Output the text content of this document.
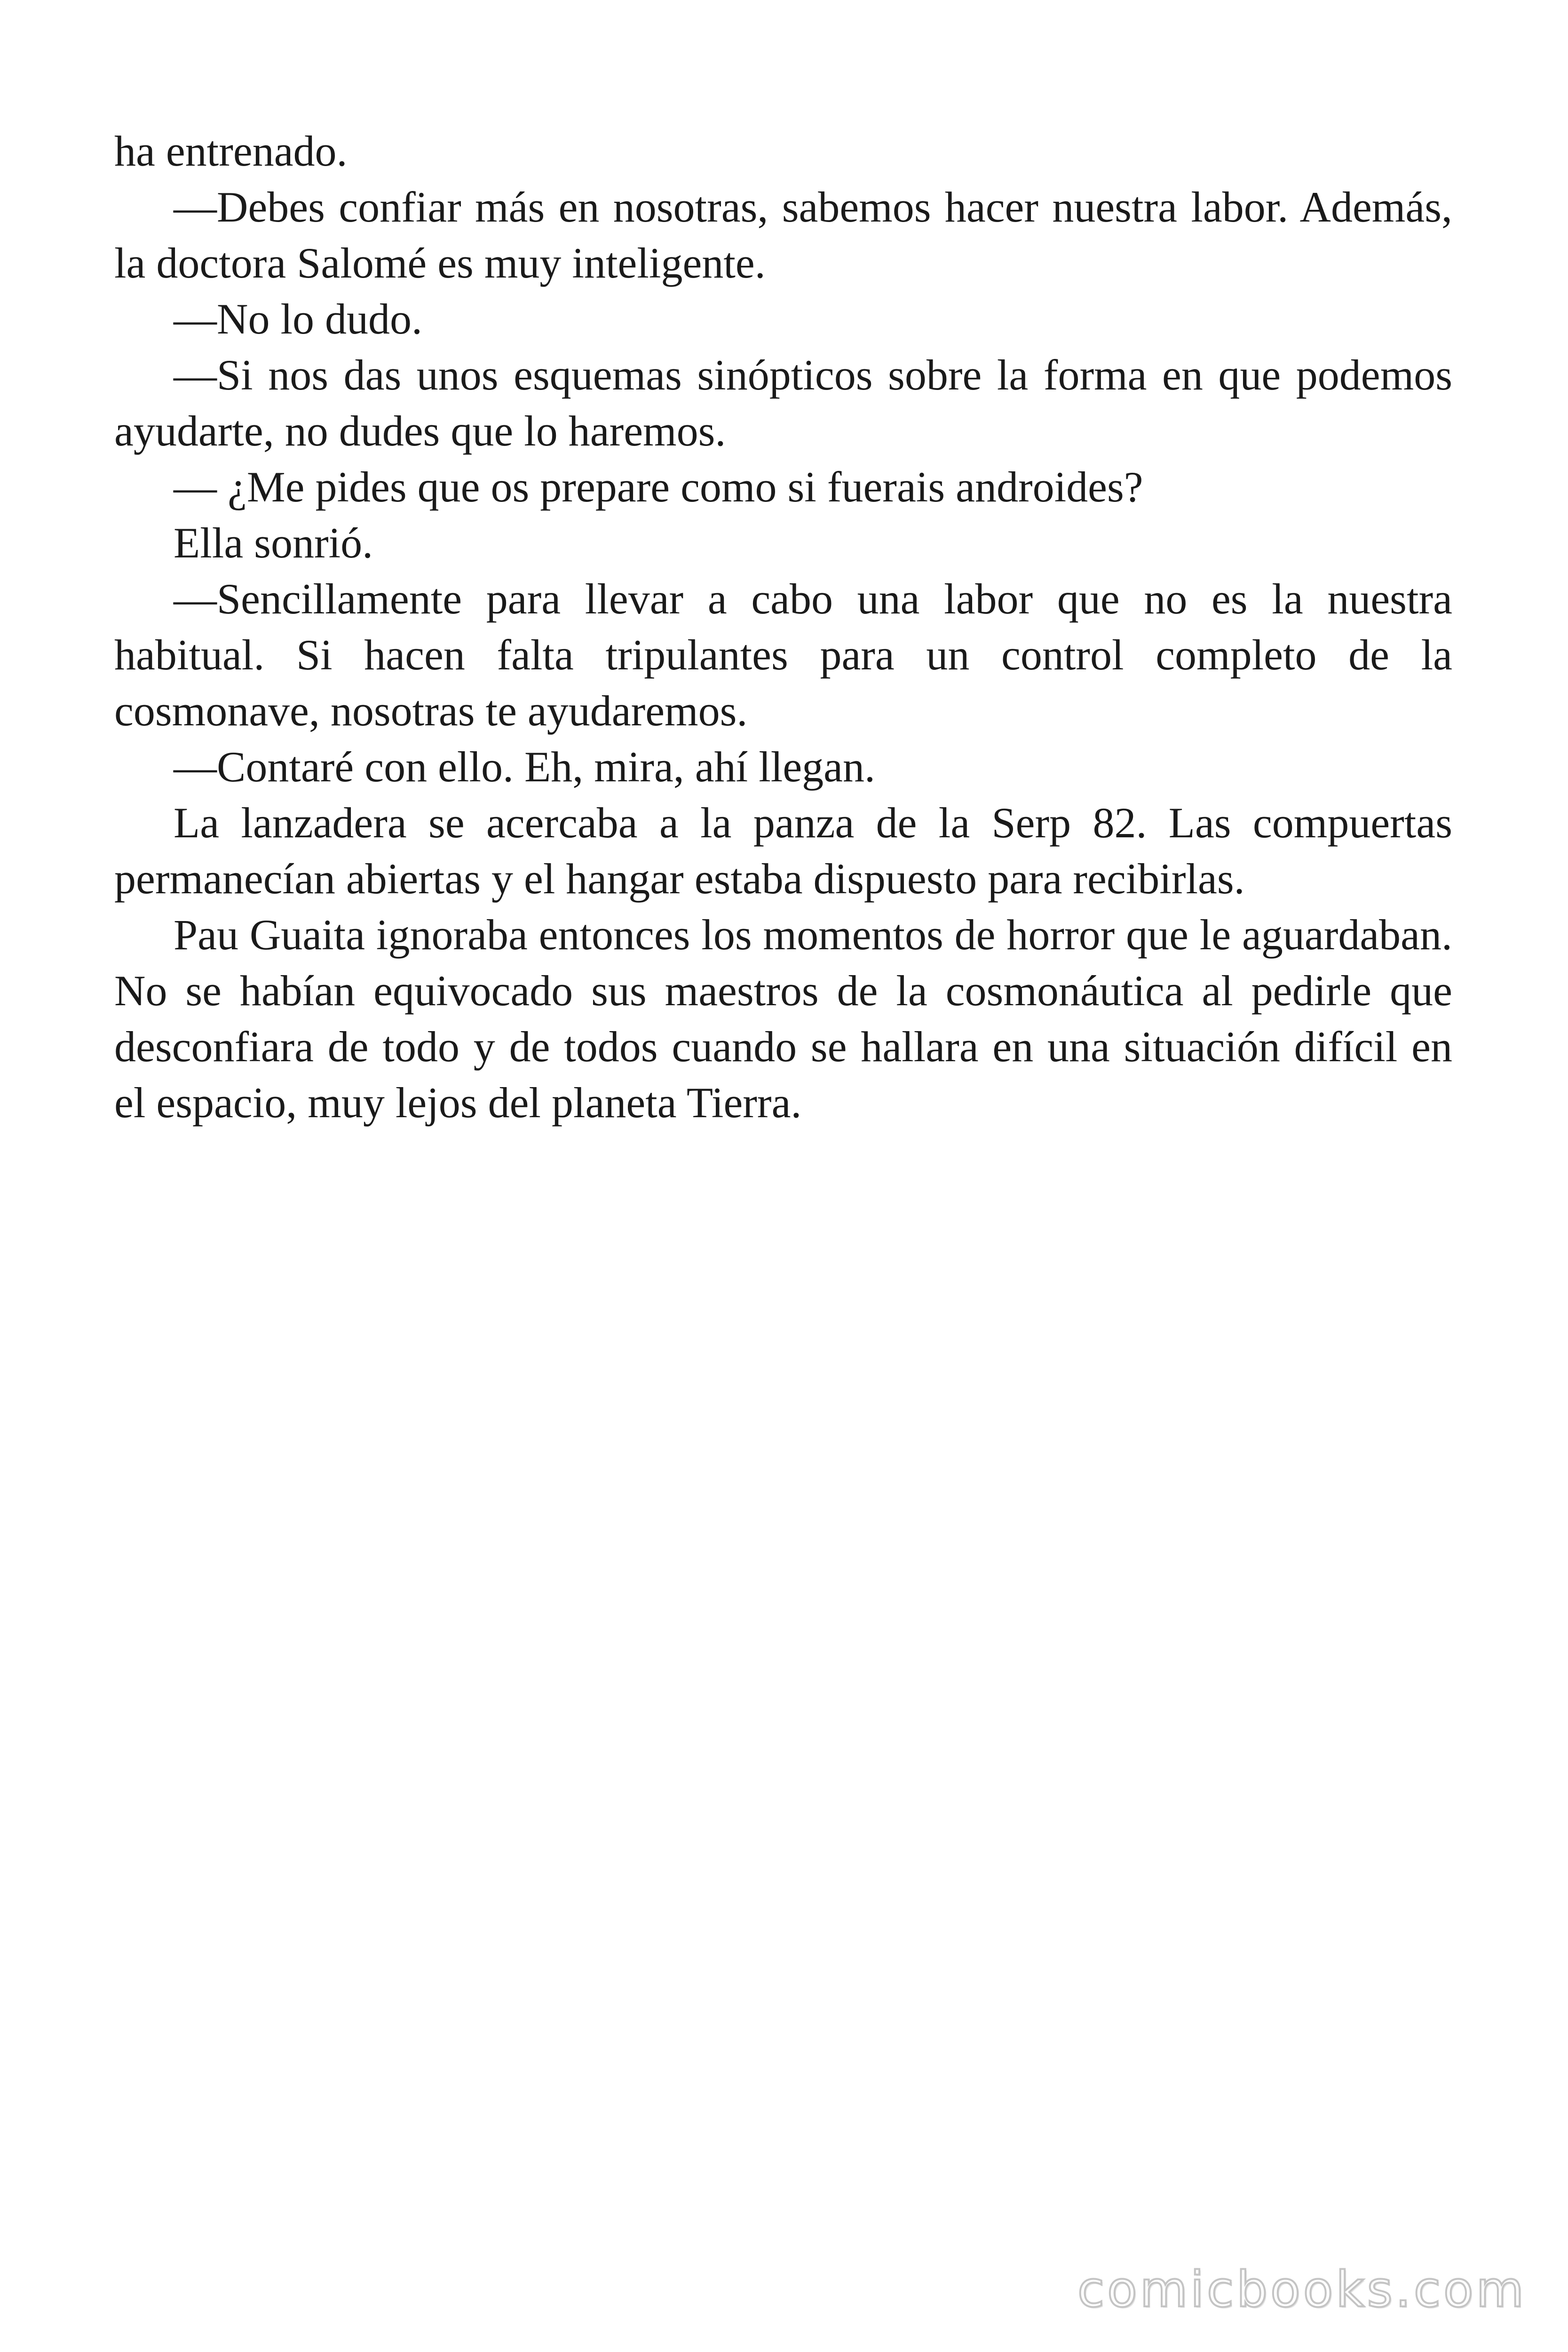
ha entrenado.

—Debes confiar más en nosotras, sabemos hacer nuestra labor. Además, la doctora Salomé es muy inteligente.

—No lo dudo.

—Si nos das unos esquemas sinópticos sobre la forma en que podemos ayudarte, no dudes que lo haremos.

— ¿Me pides que os prepare como si fuerais androides?

Ella sonrió.

—Sencillamente para llevar a cabo una labor que no es la nuestra habitual. Si hacen falta tripulantes para un control completo de la cosmonave, nosotras te ayudaremos.

—Contaré con ello. Eh, mira, ahí llegan.

La lanzadera se acercaba a la panza de la Serp 82. Las compuertas permanecían abiertas y el hangar estaba dispuesto para recibirlas.

Pau Guaita ignoraba entonces los momentos de horror que le aguardaban. No se habían equivocado sus maestros de la cosmonáutica al pedirle que desconfiara de todo y de todos cuando se hallara en una situación difícil en el espacio, muy lejos del planeta Tierra.

comicbooks.com
